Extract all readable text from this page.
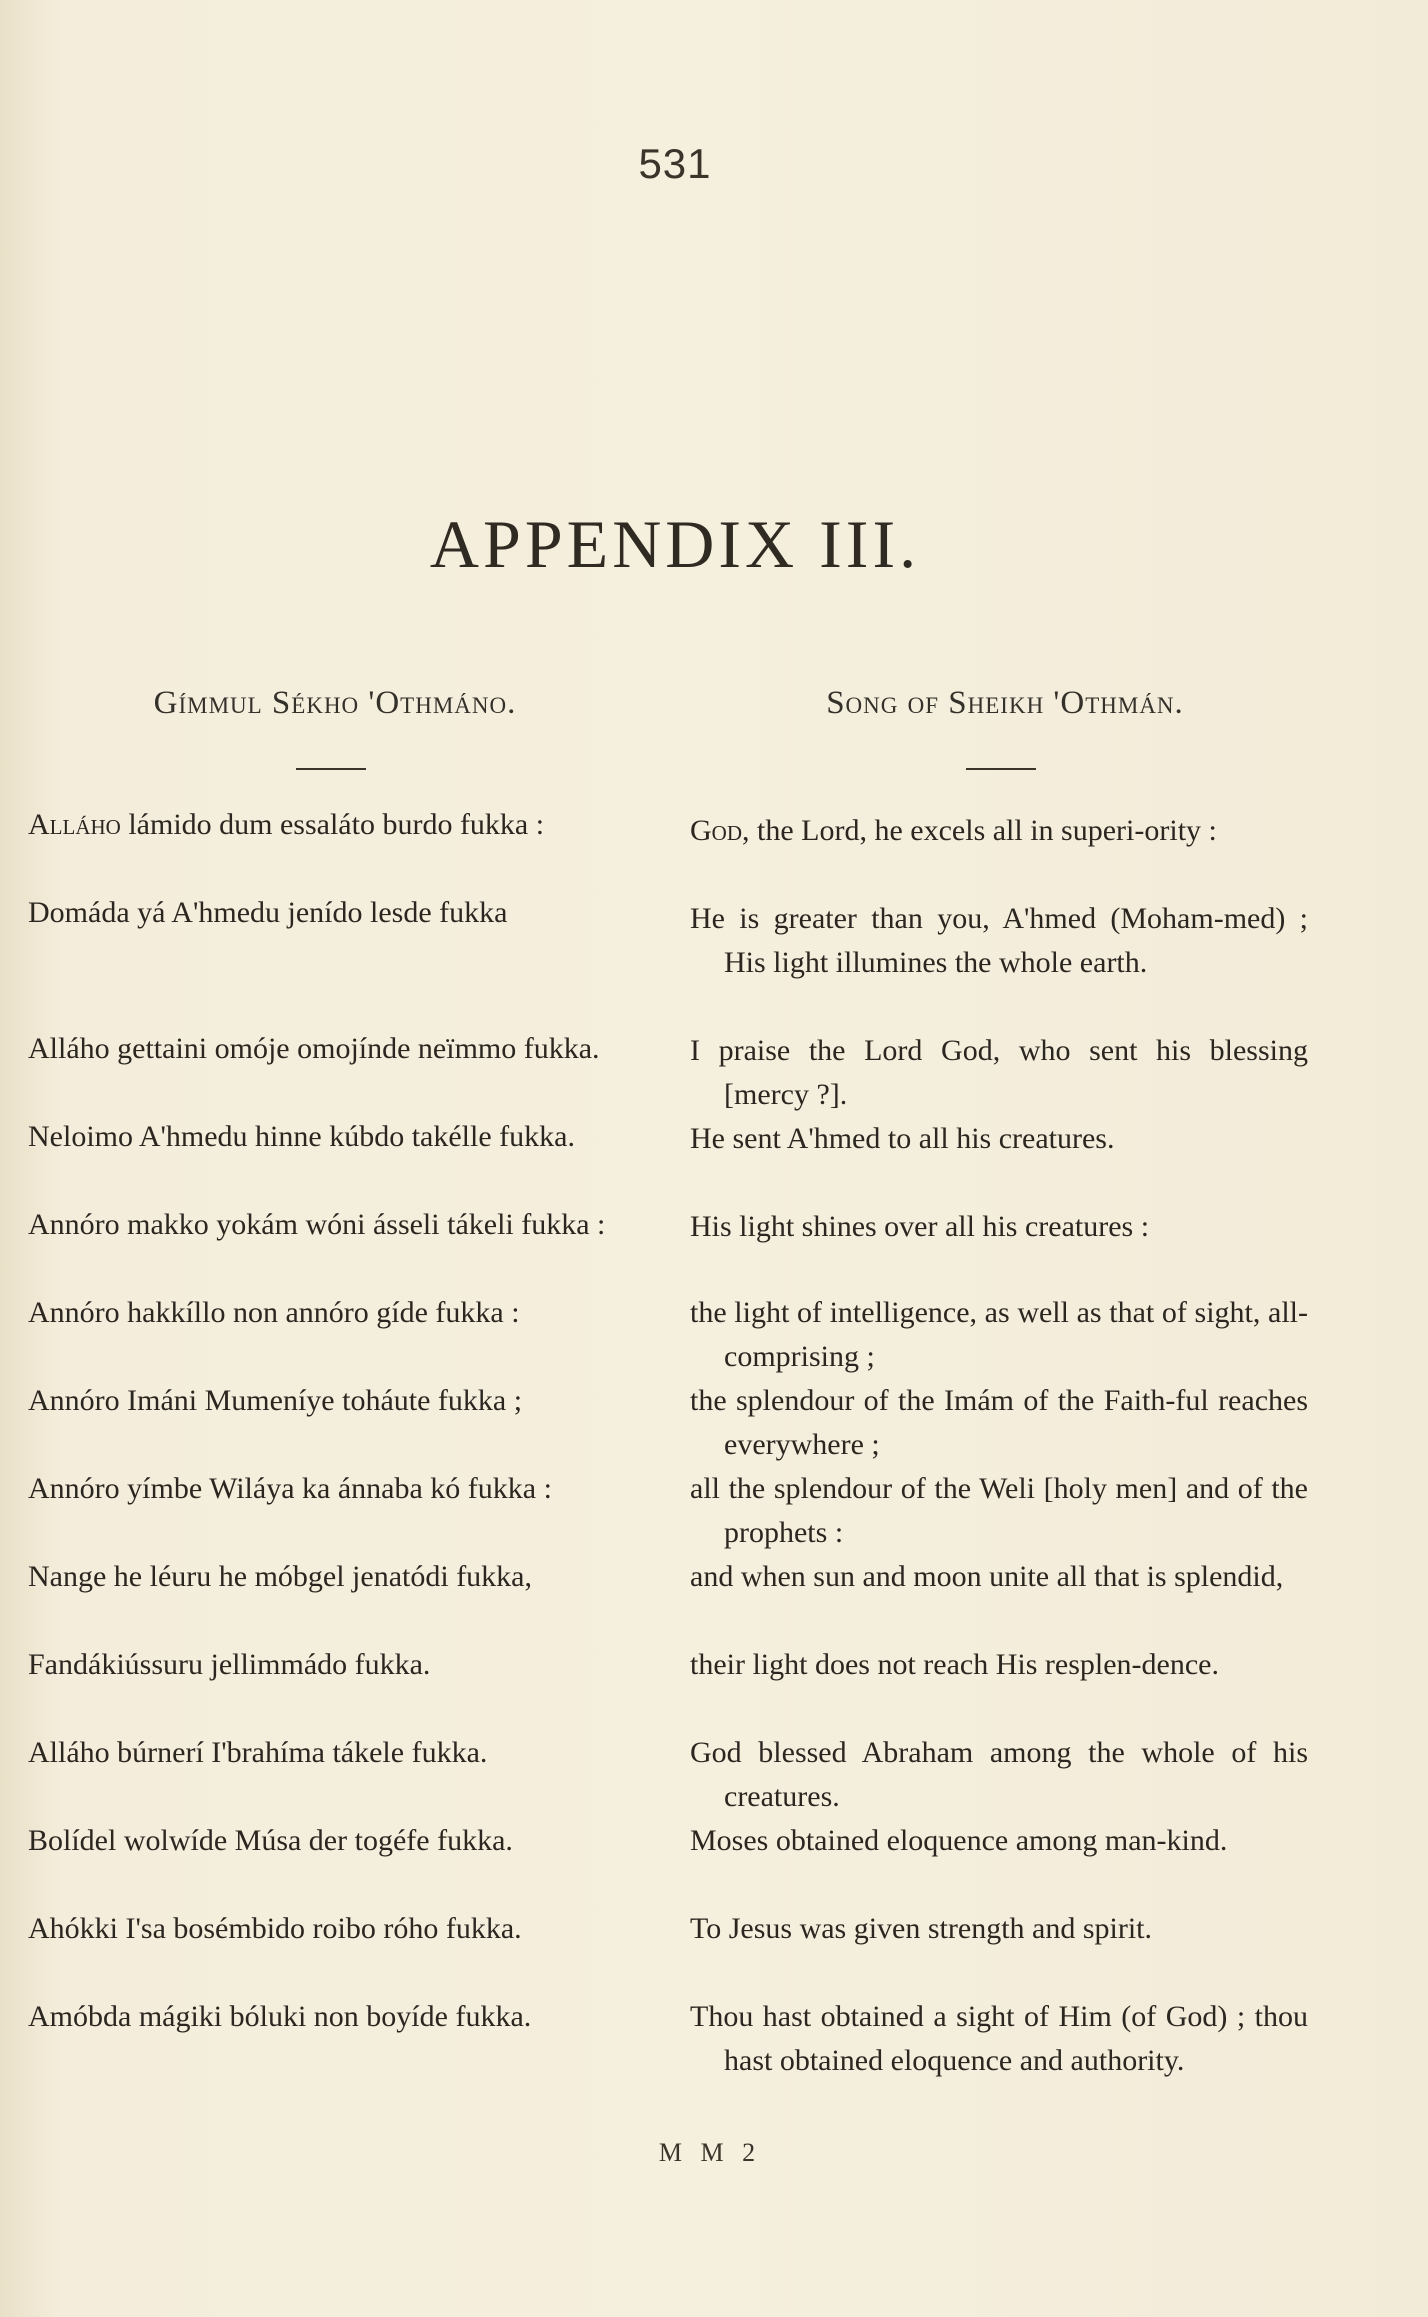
531
APPENDIX III.
Gímmul Sékho 'Othmáno.	Song of Sheikh 'Othmán.
Alláho lámido dum essaláto burdo fukka :
Domáda yá A'hmedu jenído lesde fukka
Alláho gettaini omóje omojínde neïmmo fukka.
Neloimo A'hmedu hinne kúbdo takélle fukka.
Annóro makko yokám wóni ásseli tákeli fukka :
Annóro hakkíllo non annóro gíde fukka :
Annóro Imáni Mumeníye toháute fukka ;
Annóro yímbe Wiláya ka ánnaba kó fukka :
Nange he léuru he móbgel jenatódi fukka,
Fandákiússuru jellimmádo fukka.
Alláho búrnerí I'brahíma tákele fukka.
Bolídel wolwíde Músa der togéfe fukka.
Ahókki I'sa bosémbido roibo róho fukka.
Amóbda mágiki bóluki non boyíde fukka.
God, the Lord, he excels all in superi-ority :
He is greater than you, A'hmed (Moham-med) ; His light illumines the whole earth.
I praise the Lord God, who sent his blessing [mercy ?].
He sent A'hmed to all his creatures.
His light shines over all his creatures :
the light of intelligence, as well as that of sight, all-comprising ;
the splendour of the Imám of the Faith-ful reaches everywhere ;
all the splendour of the Weli [holy men] and of the prophets :
and when sun and moon unite all that is splendid,
their light does not reach His resplen-dence.
God blessed Abraham among the whole of his creatures.
Moses obtained eloquence among man-kind.
To Jesus was given strength and spirit.
Thou hast obtained a sight of Him (of God) ; thou hast obtained eloquence and authority.
M M 2
